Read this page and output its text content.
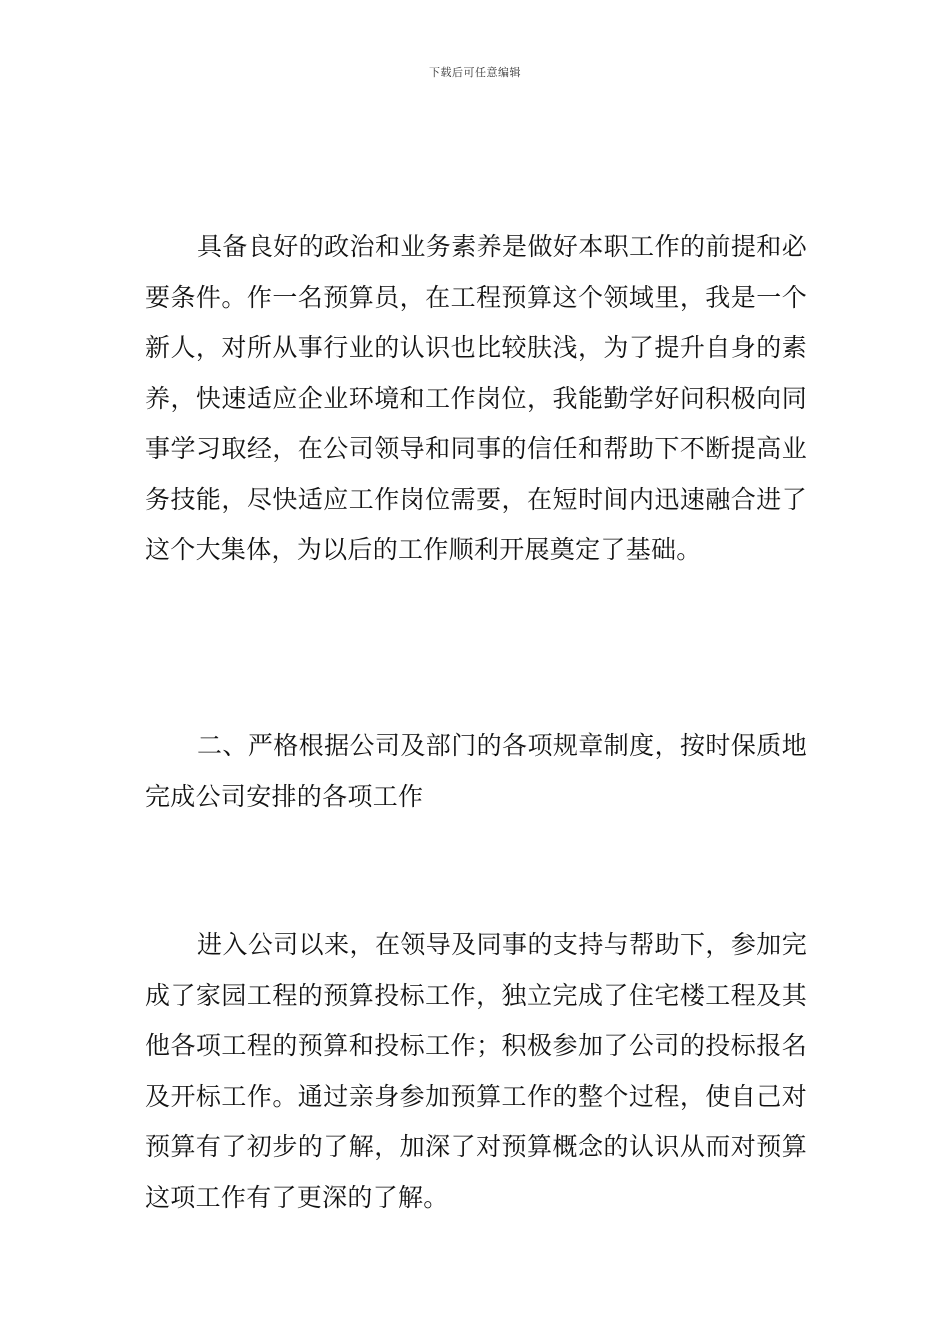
下载后可任意编辑

具备良好的政治和业务素养是做好本职工作的前提和必要条件。作一名预算员，在工程预算这个领域里，我是一个新人，对所从事行业的认识也比较肤浅，为了提升自身的素养，快速适应企业环境和工作岗位，我能勤学好问积极向同事学习取经，在公司领导和同事的信任和帮助下不断提高业务技能，尽快适应工作岗位需要，在短时间内迅速融合进了这个大集体，为以后的工作顺利开展奠定了基础。

二、严格根据公司及部门的各项规章制度，按时保质地完成公司安排的各项工作

进入公司以来，在领导及同事的支持与帮助下，参加完成了家园工程的预算投标工作，独立完成了住宅楼工程及其他各项工程的预算和投标工作；积极参加了公司的投标报名及开标工作。通过亲身参加预算工作的整个过程，使自己对预算有了初步的了解，加深了对预算概念的认识从而对预算这项工作有了更深的了解。
